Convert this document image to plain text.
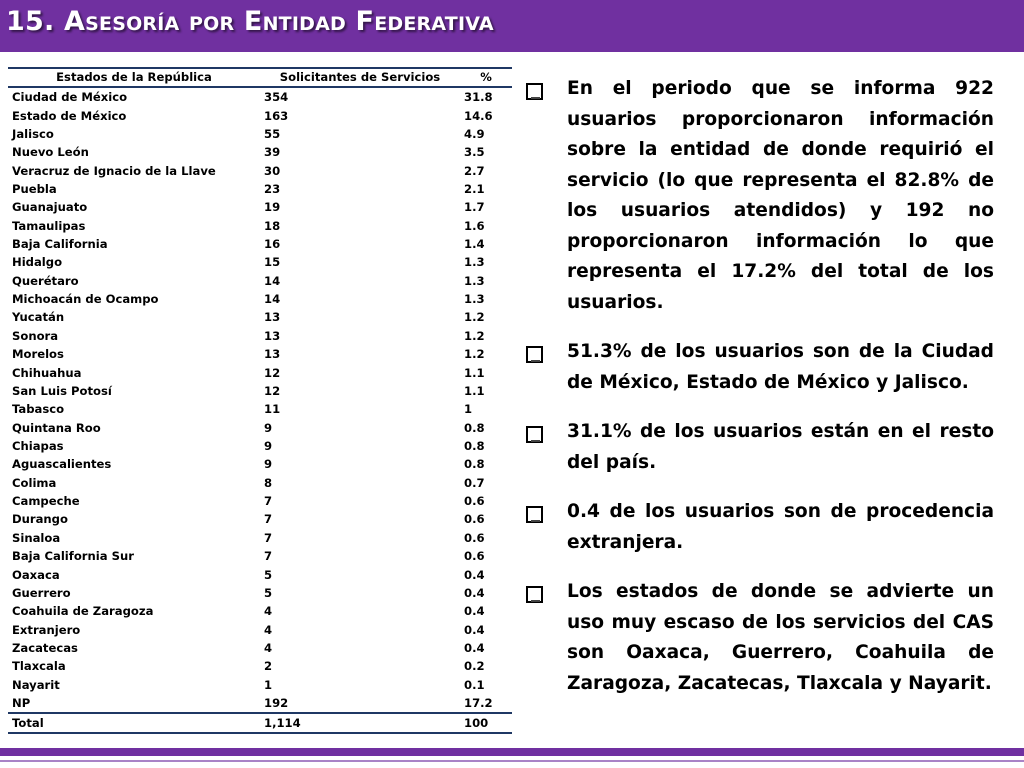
15. Asesoría por Entidad Federativa
Estados de la República	Solicitantes de Servicios	%
Ciudad de México	354	31.8
Estado de México	163	14.6
Jalisco	55	4.9
Nuevo León	39	3.5
Veracruz de Ignacio de la Llave	30	2.7
Puebla	23	2.1
Guanajuato	19	1.7
Tamaulipas	18	1.6
Baja California	16	1.4
Hidalgo	15	1.3
Querétaro	14	1.3
Michoacán de Ocampo	14	1.3
Yucatán	13	1.2
Sonora	13	1.2
Morelos	13	1.2
Chihuahua	12	1.1
San Luis Potosí	12	1.1
Tabasco	11	1
Quintana Roo	9	0.8
Chiapas	9	0.8
Aguascalientes	9	0.8
Colima	8	0.7
Campeche	7	0.6
Durango	7	0.6
Sinaloa	7	0.6
Baja California Sur	7	0.6
Oaxaca	5	0.4
Guerrero	5	0.4
Coahuila de Zaragoza	4	0.4
Extranjero	4	0.4
Zacatecas	4	0.4
Tlaxcala	2	0.2
Nayarit	1	0.1
NP	192	17.2
Total	1,114	100
En el periodo que se informa 922 usuarios proporcionaron información sobre la entidad de donde requirió el servicio (lo que representa el 82.8% de los usuarios atendidos) y 192 no proporcionaron información lo que representa el 17.2% del total de los usuarios.
51.3% de los usuarios son de la Ciudad de México, Estado de México y Jalisco.
31.1% de los usuarios están en el resto del país.
0.4 de los usuarios son de procedencia extranjera.
Los estados de donde se advierte un uso muy escaso de los servicios del CAS son Oaxaca, Guerrero, Coahuila de Zaragoza, Zacatecas, Tlaxcala y Nayarit.
